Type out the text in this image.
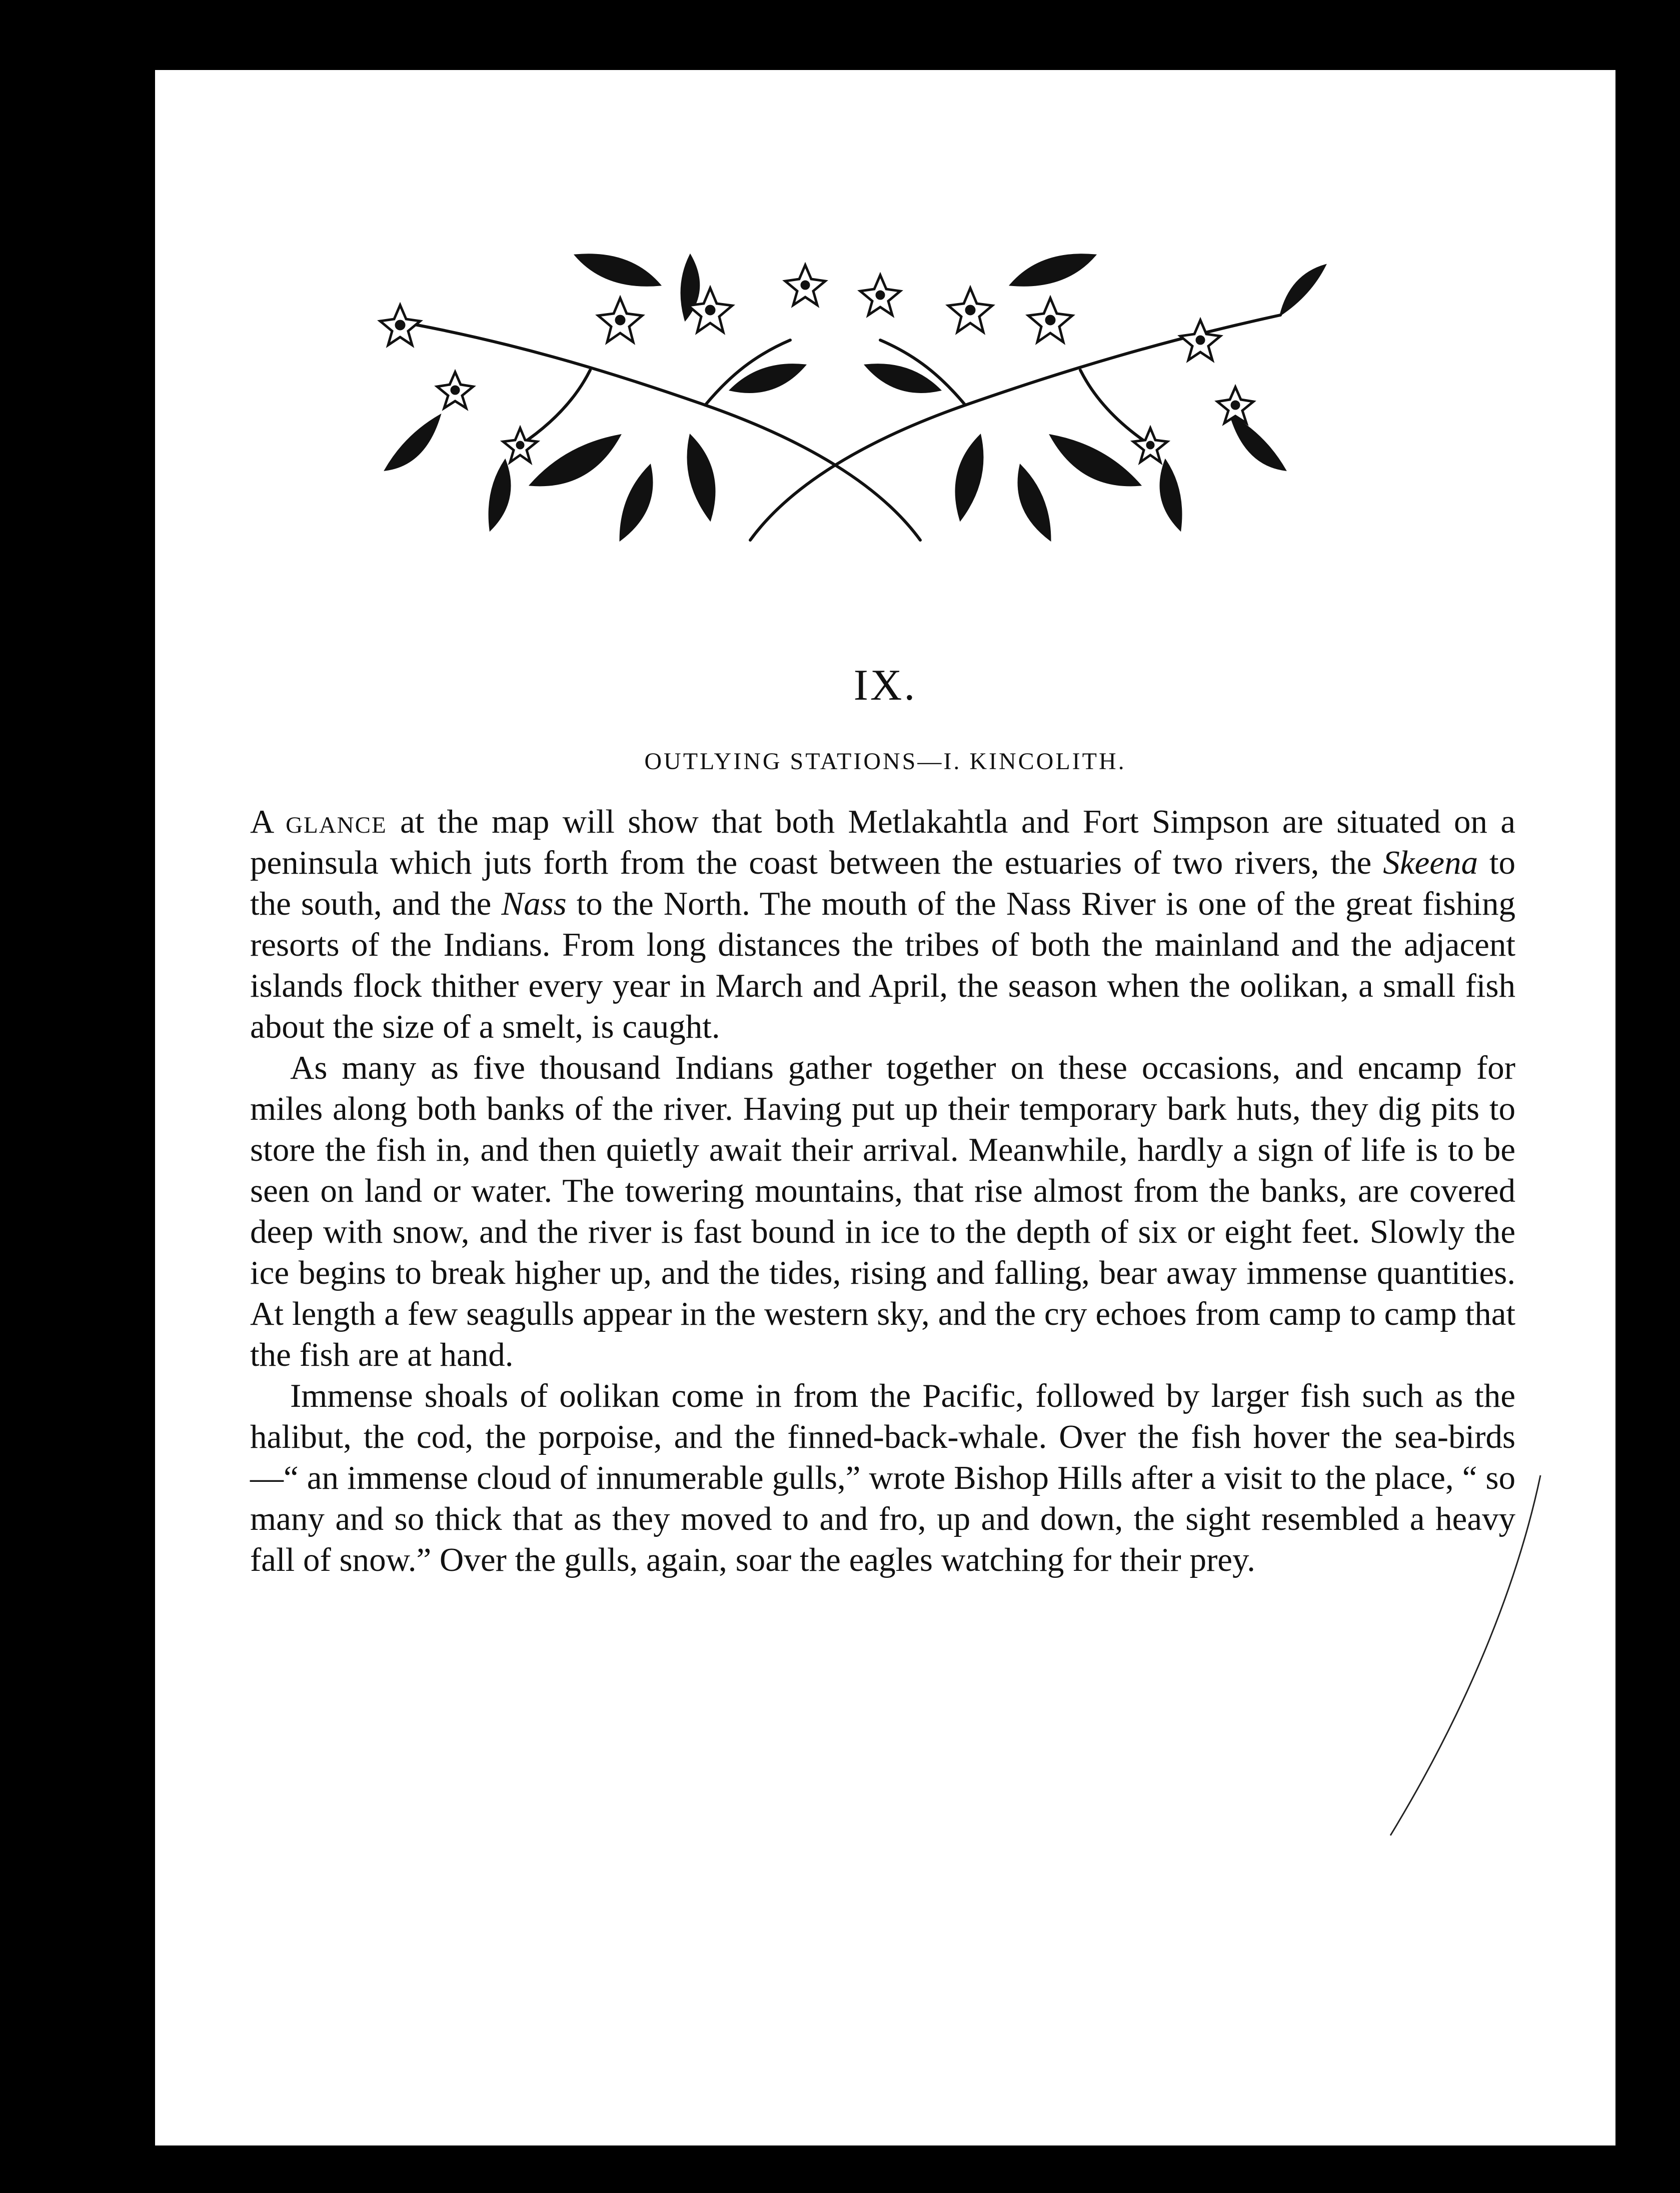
IX.
OUTLYING STATIONS—I. KINCOLITH.

A glance at the map will show that both Metlakahtla and Fort Simpson are situated on a peninsula which juts forth from the coast between the estuaries of two rivers, the Skeena to the south, and the Nass to the North. The mouth of the Nass River is one of the great fishing resorts of the Indians. From long distances the tribes of both the mainland and the adjacent islands flock thither every year in March and April, the season when the oolikan, a small fish about the size of a smelt, is caught.

As many as five thousand Indians gather together on these occasions, and encamp for miles along both banks of the river. Having put up their temporary bark huts, they dig pits to store the fish in, and then quietly await their arrival. Meanwhile, hardly a sign of life is to be seen on land or water. The towering mountains, that rise almost from the banks, are covered deep with snow, and the river is fast bound in ice to the depth of six or eight feet. Slowly the ice begins to break higher up, and the tides, rising and falling, bear away immense quantities. At length a few seagulls appear in the western sky, and the cry echoes from camp to camp that the fish are at hand.

Immense shoals of oolikan come in from the Pacific, followed by larger fish such as the halibut, the cod, the porpoise, and the finned-back-whale. Over the fish hover the sea-birds—“ an immense cloud of innumerable gulls,” wrote Bishop Hills after a visit to the place, “ so many and so thick that as they moved to and fro, up and down, the sight resembled a heavy fall of snow.” Over the gulls, again, soar the eagles watching for their prey.
